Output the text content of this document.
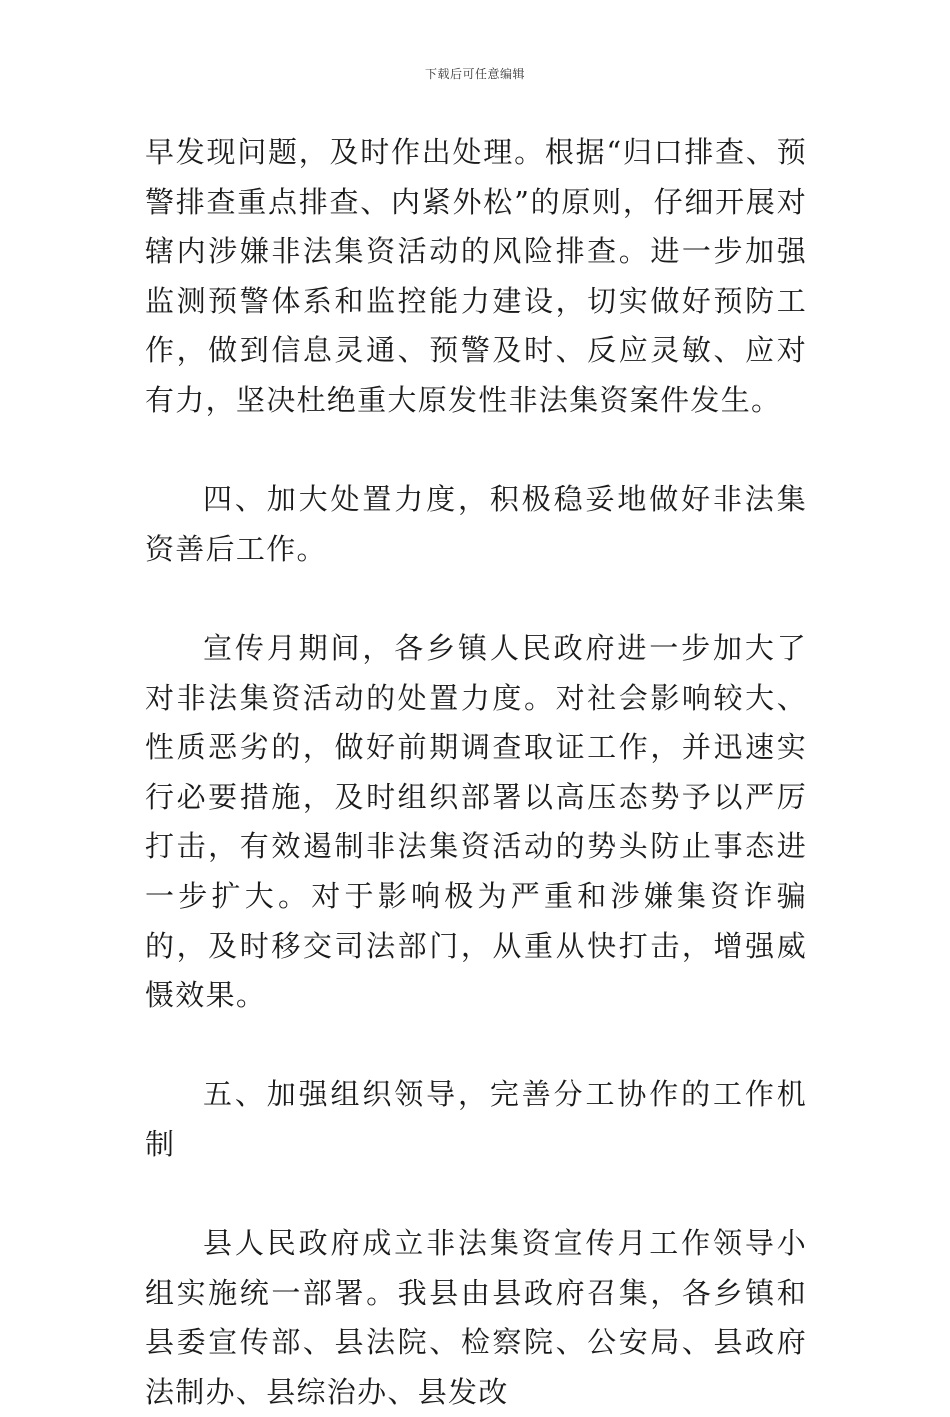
下载后可任意编辑

早发现问题，及时作出处理。根据“归口排查、预警排查重点排查、内紧外松”的原则，仔细开展对辖内涉嫌非法集资活动的风险排查。进一步加强监测预警体系和监控能力建设，切实做好预防工作，做到信息灵通、预警及时、反应灵敏、应对有力，坚决杜绝重大原发性非法集资案件发生。

四、加大处置力度，积极稳妥地做好非法集资善后工作。

宣传月期间，各乡镇人民政府进一步加大了对非法集资活动的处置力度。对社会影响较大、性质恶劣的，做好前期调查取证工作，并迅速实行必要措施，及时组织部署以高压态势予以严厉打击，有效遏制非法集资活动的势头防止事态进一步扩大。对于影响极为严重和涉嫌集资诈骗的，及时移交司法部门，从重从快打击，增强威慑效果。

五、加强组织领导，完善分工协作的工作机制

县人民政府成立非法集资宣传月工作领导小组实施统一部署。我县由县政府召集，各乡镇和县委宣传部、县法院、检察院、公安局、县政府法制办、县综治办、县发改
